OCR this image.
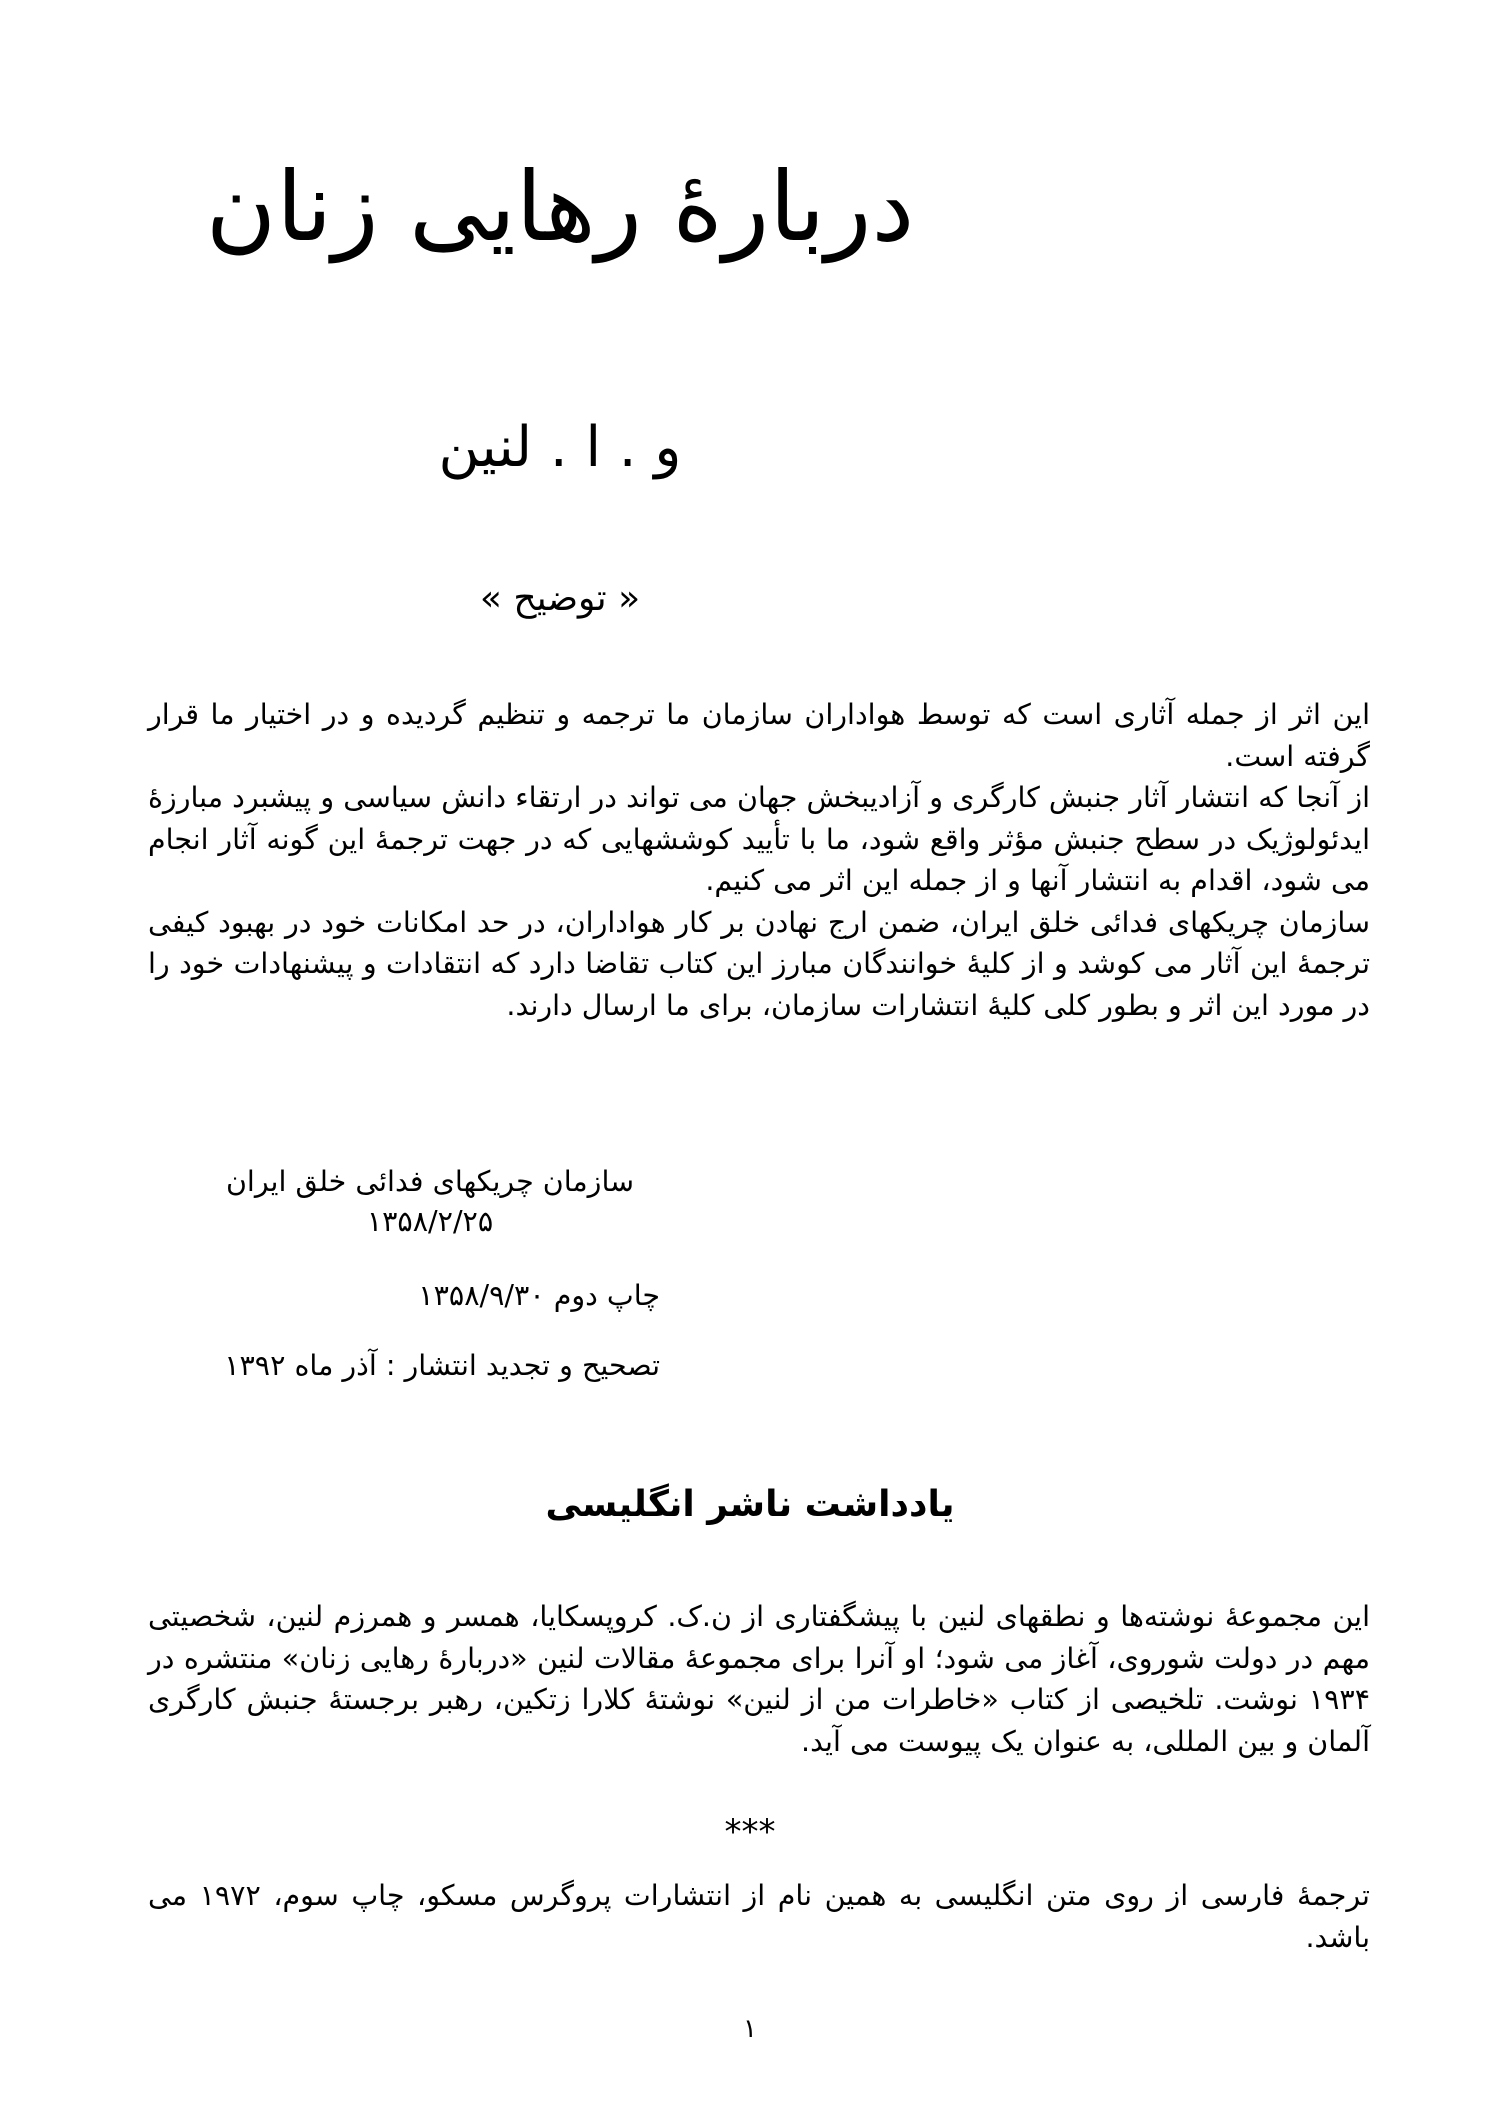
دربارهٔ رهایی زنان
و . ا . لنین
« توضیح »

این اثر از جمله آثاری است که توسط هواداران سازمان ما ترجمه و تنظیم گردیده و در اختیار ما قرار گرفته است.

از آنجا که انتشار آثار جنبش کارگری و آزادیبخش جهان می تواند در ارتقاء دانش سیاسی و پیشبرد مبارزهٔ ایدئولوژیک در سطح جنبش مؤثر واقع شود، ما با تأیید کوششهایی که در جهت ترجمهٔ این گونه آثار انجام می شود، اقدام به انتشار آنها و از جمله این اثر می کنیم.

سازمان چریکهای فدائی خلق ایران، ضمن ارج نهادن بر کار هواداران، در حد امکانات خود در بهبود کیفی ترجمهٔ این آثار می کوشد و از کلیهٔ خوانندگان مبارز این کتاب تقاضا دارد که انتقادات و پیشنهادات خود را در مورد این اثر و بطور کلی کلیهٔ انتشارات سازمان، برای ما ارسال دارند.

سازمان چریکهای فدائی خلق ایران
۱۳۵۸/۲/۲۵
چاپ دوم ۱۳۵۸/۹/۳۰
تصحیح و تجدید انتشار : آذر ماه ۱۳۹۲
یادداشت ناشر انگلیسی

این مجموعهٔ نوشته‌ها و نطقهای لنین با پیشگفتاری از ن.ک. کروپسکایا، همسر و همرزم لنین، شخصیتی مهم در دولت شوروی، آغاز می شود؛ او آنرا برای مجموعهٔ مقالات لنین «دربارهٔ رهایی زنان» منتشره در ۱۹۳۴ نوشت. تلخیصی از کتاب «خاطرات من از لنین» نوشتهٔ کلارا زتکین، رهبر برجستهٔ جنبش کارگری آلمان و بین المللی، به عنوان یک پیوست می آید.

***

ترجمهٔ فارسی از روی متن انگلیسی به همین نام از انتشارات پروگرس مسکو، چاپ سوم، ۱۹۷۲ می باشد.

۱
